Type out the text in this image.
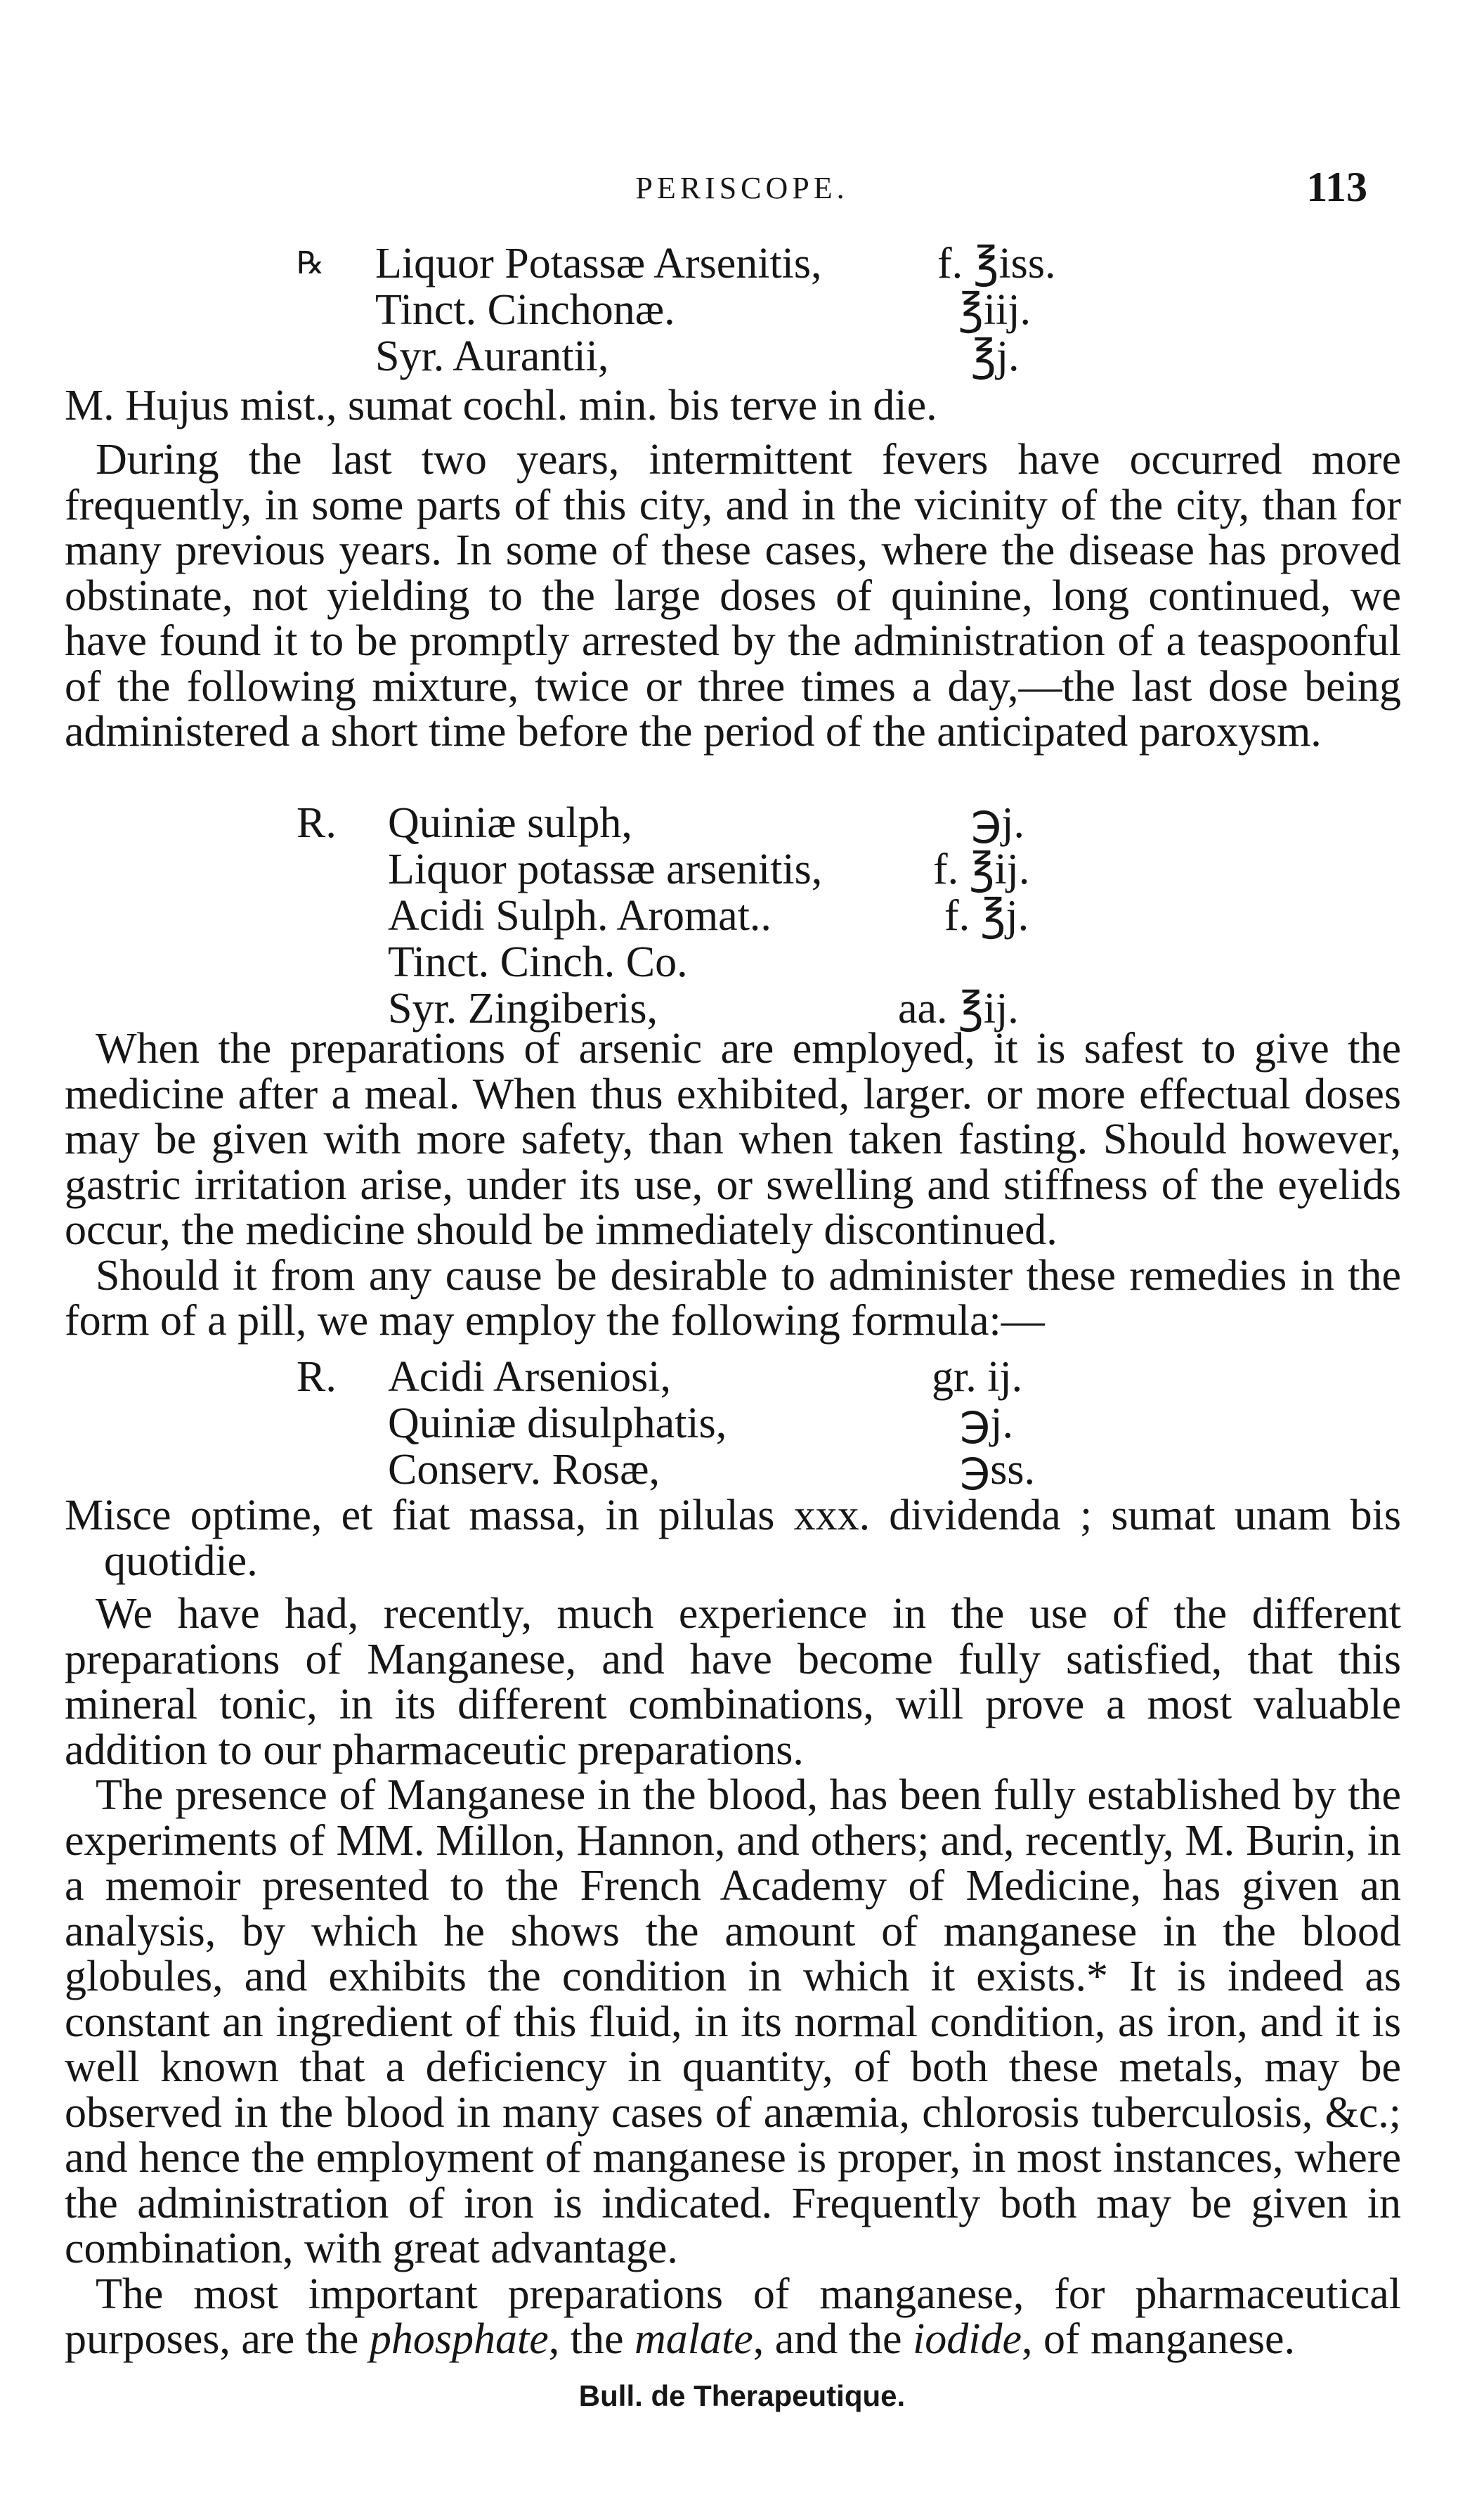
PERISCOPE.	113
℞ Liquor Potassæ Arsenitis,	f. ℥iss.
Tinct. Cinchonæ.	℥iij.
Syr. Aurantii,	℥j.
M. Hujus mist., sumat cochl. min. bis terve in die.

During the last two years, intermittent fevers have occurred more frequently, in some parts of this city, and in the vicinity of the city, than for many previous years. In some of these cases, where the disease has proved obstinate, not yielding to the large doses of quinine, long continued, we have found it to be promptly arrested by the administration of a teaspoonful of the following mixture, twice or three times a day,—the last dose being administered a short time before the period of the anticipated paroxysm.

R. Quiniæ sulph,	℈j.
Liquor potassæ arsenitis,	f. ℥ij.
Acidi Sulph. Aromat..	f. ℥j.
Tinct. Cinch. Co.
Syr. Zingiberis,	aa. ℥ij.

When the preparations of arsenic are employed, it is safest to give the medicine after a meal. When thus exhibited, larger. or more effectual doses may be given with more safety, than when taken fasting. Should however, gastric irritation arise, under its use, or swelling and stiffness of the eyelids occur, the medicine should be immediately discontinued.

Should it from any cause be desirable to administer these remedies in the form of a pill, we may employ the following formula:—

R. Acidi Arseniosi,	gr. ij.
Quiniæ disulphatis,	℈j.
Conserv. Rosæ,	℈ss.

Misce optime, et fiat massa, in pilulas xxx. dividenda ; sumat unam bis quotidie.

We have had, recently, much experience in the use of the different preparations of Manganese, and have become fully satisfied, that this mineral tonic, in its different combinations, will prove a most valuable addition to our pharmaceutic preparations.

The presence of Manganese in the blood, has been fully established by the experiments of MM. Millon, Hannon, and others; and, recently, M. Burin, in a memoir presented to the French Academy of Medicine, has given an analysis, by which he shows the amount of manganese in the blood globules, and exhibits the condition in which it exists.* It is indeed as constant an ingredient of this fluid, in its normal condition, as iron, and it is well known that a deficiency in quantity, of both these metals, may be observed in the blood in many cases of anæmia, chlorosis tuberculosis, &c.; and hence the employment of manganese is proper, in most instances, where the administration of iron is indicated. Frequently both may be given in combination, with great advantage.

The most important preparations of manganese, for pharmaceutical purposes, are the phosphate, the malate, and the iodide, of manganese.

Bull. de Therapeutique.
